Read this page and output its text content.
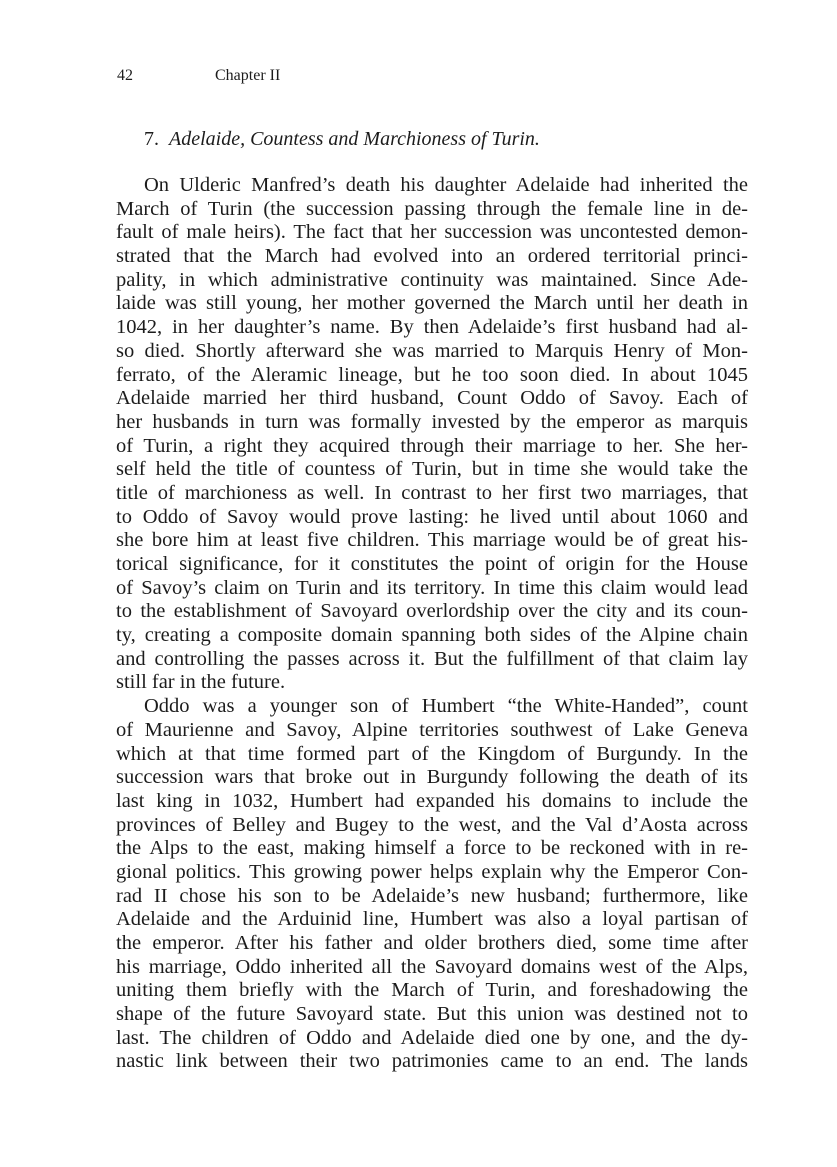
42	Chapter II
7. Adelaide, Countess and Marchioness of Turin.
On Ulderic Manfred’s death his daughter Adelaide had inherited the
March of Turin (the succession passing through the female line in de-
fault of male heirs). The fact that her succession was uncontested demon-
strated that the March had evolved into an ordered territorial princi-
pality, in which administrative continuity was maintained. Since Ade-
laide was still young, her mother governed the March until her death in
1042, in her daughter’s name. By then Adelaide’s first husband had al-
so died. Shortly afterward she was married to Marquis Henry of Mon-
ferrato, of the Aleramic lineage, but he too soon died. In about 1045
Adelaide married her third husband, Count Oddo of Savoy. Each of
her husbands in turn was formally invested by the emperor as marquis
of Turin, a right they acquired through their marriage to her. She her-
self held the title of countess of Turin, but in time she would take the
title of marchioness as well. In contrast to her first two marriages, that
to Oddo of Savoy would prove lasting: he lived until about 1060 and
she bore him at least five children. This marriage would be of great his-
torical significance, for it constitutes the point of origin for the House
of Savoy’s claim on Turin and its territory. In time this claim would lead
to the establishment of Savoyard overlordship over the city and its coun-
ty, creating a composite domain spanning both sides of the Alpine chain
and controlling the passes across it. But the fulfillment of that claim lay
still far in the future.
Oddo was a younger son of Humbert “the White-Handed”, count
of Maurienne and Savoy, Alpine territories southwest of Lake Geneva
which at that time formed part of the Kingdom of Burgundy. In the
succession wars that broke out in Burgundy following the death of its
last king in 1032, Humbert had expanded his domains to include the
provinces of Belley and Bugey to the west, and the Val d’Aosta across
the Alps to the east, making himself a force to be reckoned with in re-
gional politics. This growing power helps explain why the Emperor Con-
rad II chose his son to be Adelaide’s new husband; furthermore, like
Adelaide and the Arduinid line, Humbert was also a loyal partisan of
the emperor. After his father and older brothers died, some time after
his marriage, Oddo inherited all the Savoyard domains west of the Alps,
uniting them briefly with the March of Turin, and foreshadowing the
shape of the future Savoyard state. But this union was destined not to
last. The children of Oddo and Adelaide died one by one, and the dy-
nastic link between their two patrimonies came to an end. The lands
